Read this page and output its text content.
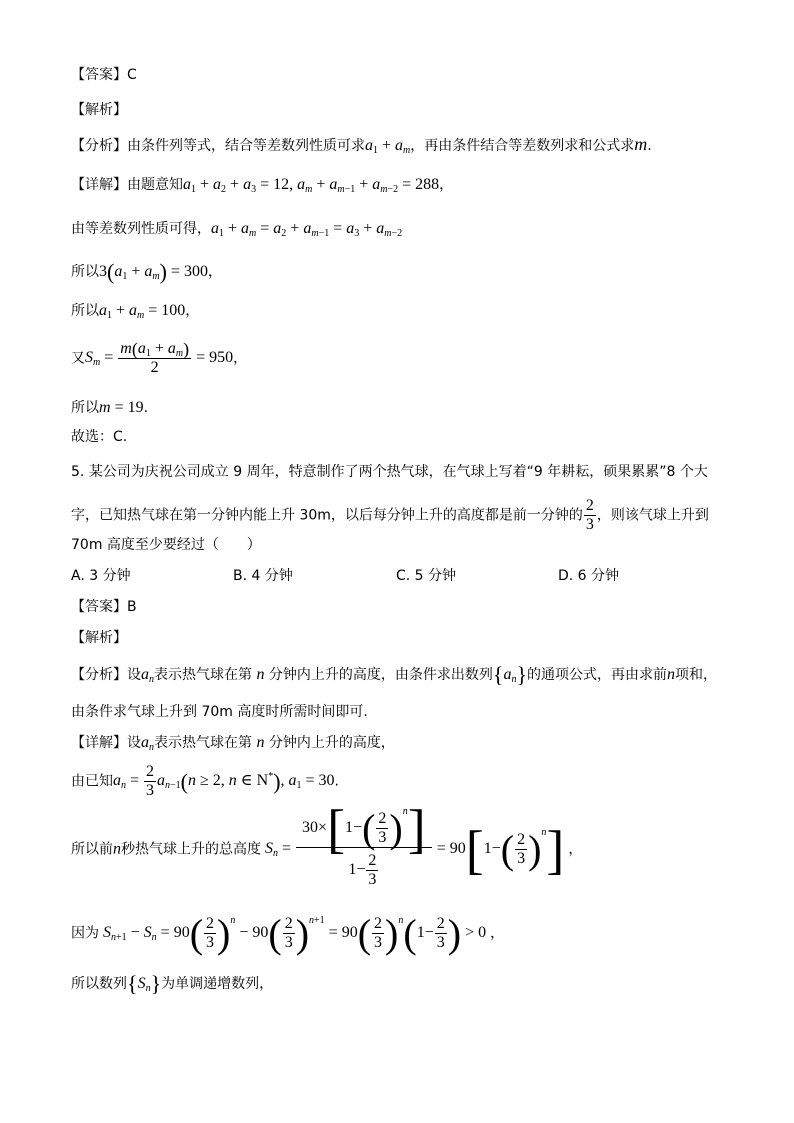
【答案】C
【解析】
【分析】由条件列等式，结合等差数列性质可求$a_1 + a_m$，再由条件结合等差数列求和公式求m.
【详解】由题意知$a_1 + a_2 + a_3 = 12$, $a_m + a_{m-1} + a_{m-2} = 288$，
由等差数列性质可得，$a_1 + a_m = a_2 + a_{m-1} = a_3 + a_{m-2}$
所以$3(a_1 + a_m) = 300$，
所以$a_1 + a_m = 100$，
又$S_m = \frac{m(a_1 + a_m)}{2} = 950$，
所以m = 19.
故选：C.
5. 某公司为庆祝公司成立 9 周年，特意制作了两个热气球，在气球上写着“9 年耕耘，硕果累累”8 个大
字，已知热气球在第一分钟内能上升 30m，以后每分钟上升的高度都是前一分钟的 $\frac{2}{3}$ ，则该气球上升到
70m 高度至少要经过（　　）
A. 3 分钟	B. 4 分钟	C. 5 分钟	D. 6 分钟
【答案】B
【解析】
【分析】设$a_n$表示热气球在第 n 分钟内上升的高度，由条件求出数列$\{a_n\}$的通项公式，再由求前n项和，
由条件求气球上升到 70m 高度时所需时间即可.
【详解】设$a_n$表示热气球在第 n 分钟内上升的高度，
由已知$a_n = \frac{2}{3} a_{n-1}(n \ge 2$, n ∈ N*), $a_1 = 30$.
所以前n秒热气球上升的总高度 $S_n = \frac{30\times[1-( \frac{2}{3} )^n]}{1- \frac{2}{3}} = 90[1-( \frac{2}{3} )^n]$ ，
因为 $S_{n+1} - S_n = 90( \frac{2}{3} )^n - 90( \frac{2}{3} )^{n+1} = 90( \frac{2}{3} )^n(1- \frac{2}{3}$ ) > 0 ，
所以数列$\{S_n\}$为单调递增数列，
